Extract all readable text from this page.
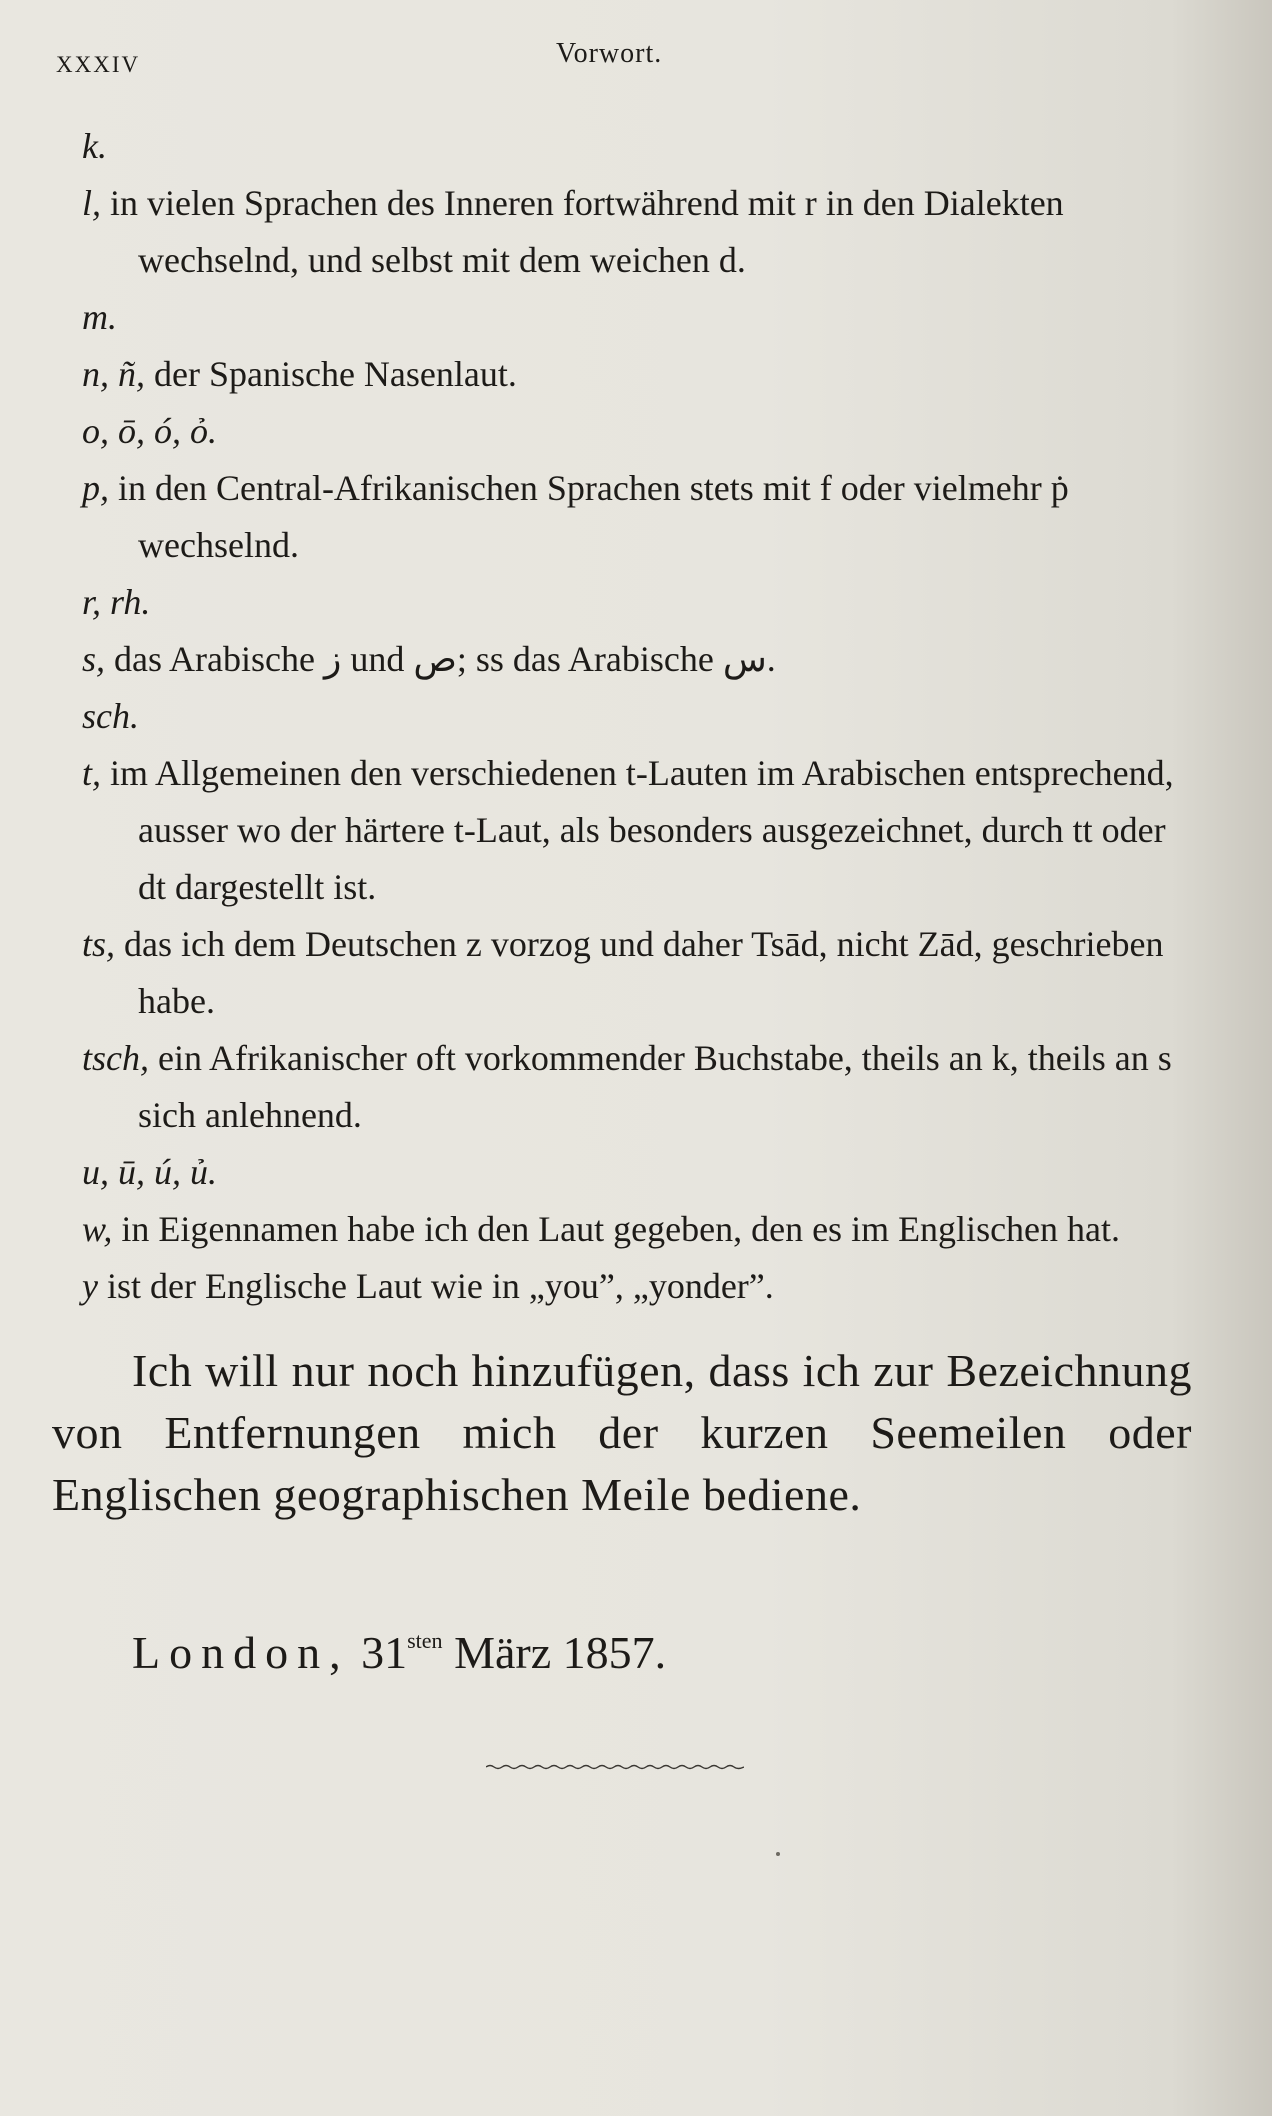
XXXIV	Vorwort.
k.
l, in vielen Sprachen des Inneren fortwährend mit r in den Dialekten wechselnd, und selbst mit dem weichen d.
m.
n, ñ, der Spanische Nasenlaut.
o, ō, ó, ỏ.
p, in den Central-Afrikanischen Sprachen stets mit f oder vielmehr ṗ wechselnd.
r, rh.
s, das Arabische ز und ص; ss das Arabische س.
sch.
t, im Allgemeinen den verschiedenen t-Lauten im Arabischen entsprechend, ausser wo der härtere t-Laut, als besonders ausgezeichnet, durch tt oder dt dargestellt ist.
ts, das ich dem Deutschen z vorzog und daher Tsād, nicht Zād, geschrieben habe.
tsch, ein Afrikanischer oft vorkommender Buchstabe, theils an k, theils an s sich anlehnend.
u, ū, ú, ủ.
w, in Eigennamen habe ich den Laut gegeben, den es im Englischen hat.
y ist der Englische Laut wie in „you”, „yonder”.
Ich will nur noch hinzufügen, dass ich zur Bezeichnung von Entfernungen mich der kurzen Seemeilen oder Englischen geographischen Meile bediene.
London, $31^{sten}$ März 1857.
